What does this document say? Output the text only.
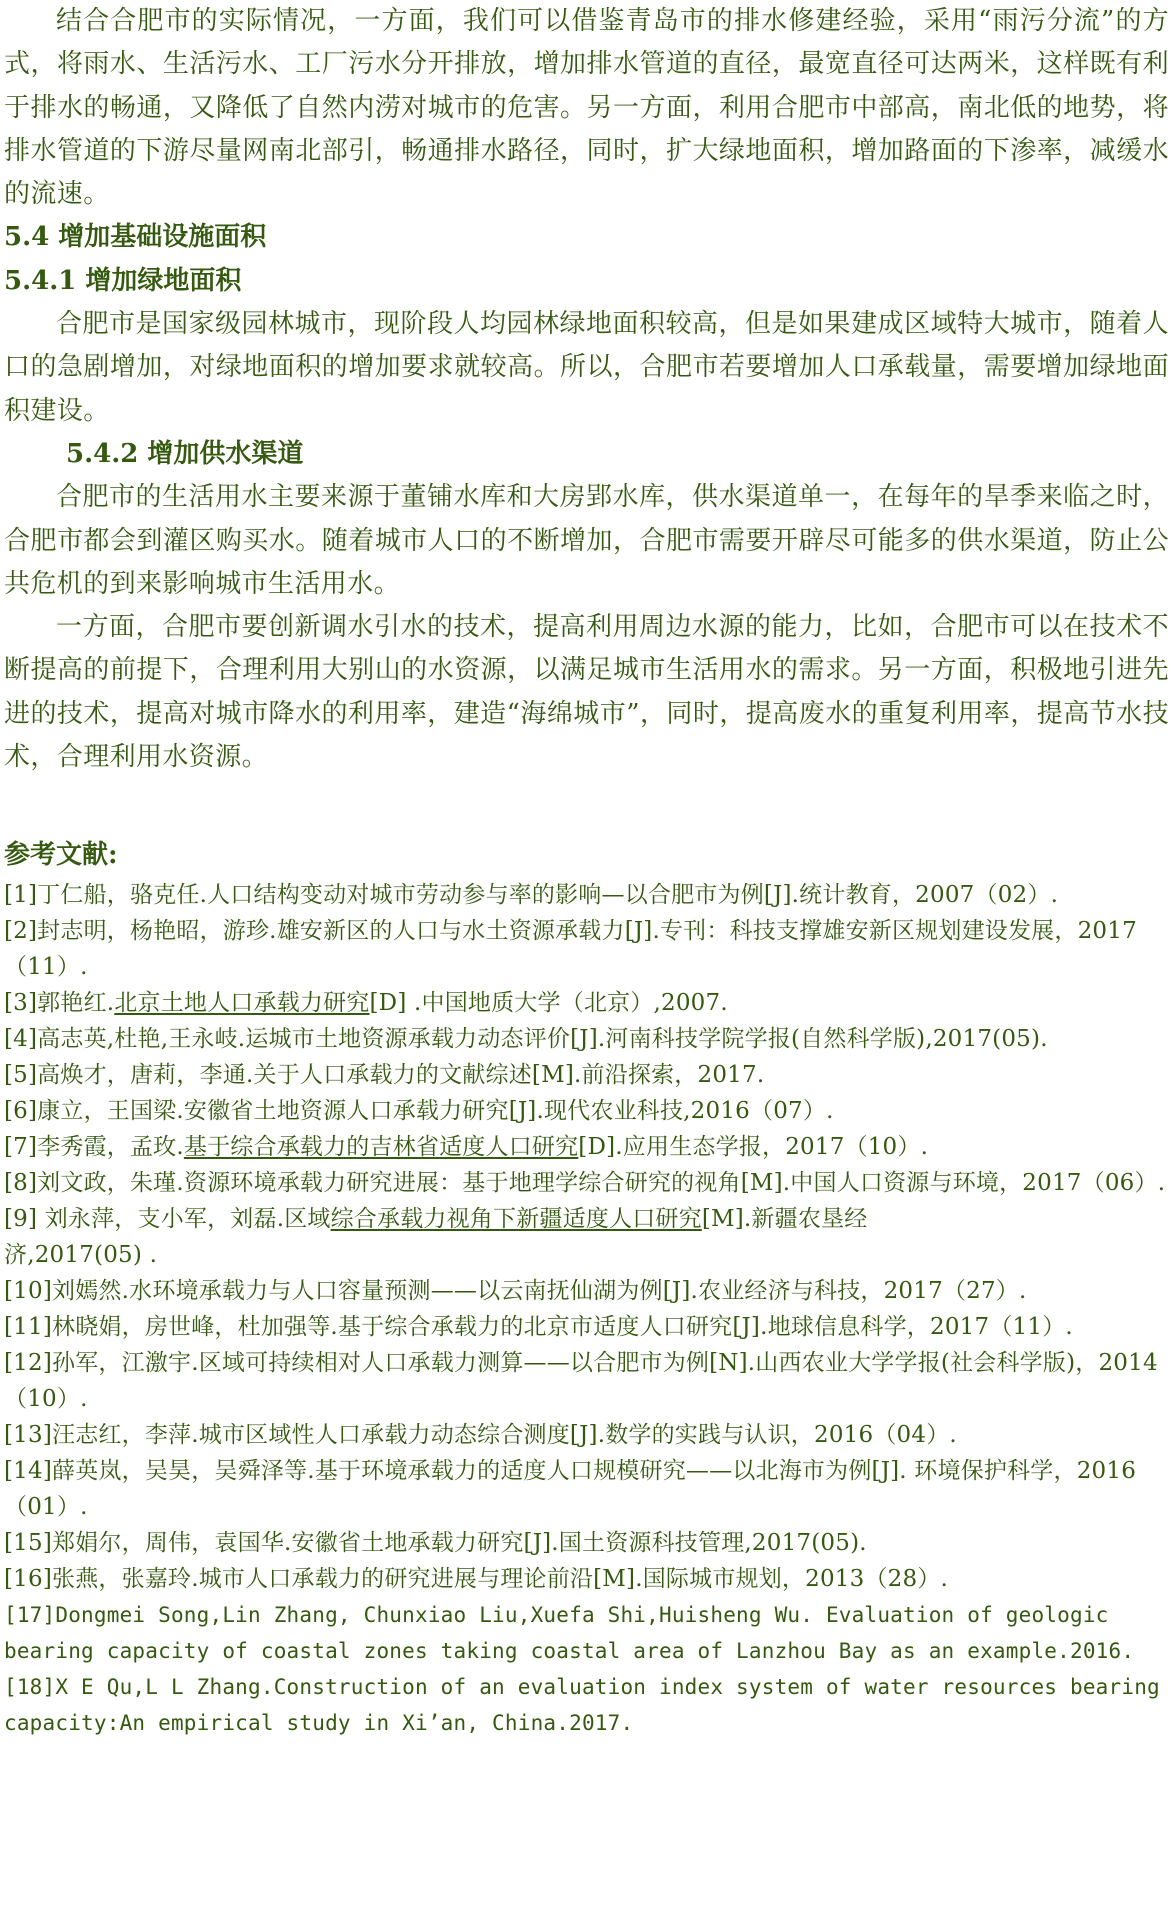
结合合肥市的实际情况，一方面，我们可以借鉴青岛市的排水修建经验，采用“雨污分流”的方式，将雨水、生活污水、工厂污水分开排放，增加排水管道的直径，最宽直径可达两米，这样既有利于排水的畅通，又降低了自然内涝对城市的危害。另一方面，利用合肥市中部高，南北低的地势，将排水管道的下游尽量网南北部引，畅通排水路径，同时，扩大绿地面积，增加路面的下渗率，减缓水的流速。

5.4 增加基础设施面积

5.4.1 增加绿地面积

合肥市是国家级园林城市，现阶段人均园林绿地面积较高，但是如果建成区域特大城市，随着人口的急剧增加，对绿地面积的增加要求就较高。所以，合肥市若要增加人口承载量，需要增加绿地面积建设。

5.4.2 增加供水渠道

合肥市的生活用水主要来源于董铺水库和大房郢水库，供水渠道单一，在每年的旱季来临之时，合肥市都会到灌区购买水。随着城市人口的不断增加，合肥市需要开辟尽可能多的供水渠道，防止公共危机的到来影响城市生活用水。

一方面，合肥市要创新调水引水的技术，提高利用周边水源的能力，比如，合肥市可以在技术不断提高的前提下，合理利用大别山的水资源，以满足城市生活用水的需求。另一方面，积极地引进先进的技术，提高对城市降水的利用率，建造“海绵城市”，同时，提高废水的重复利用率，提高节水技术，合理利用水资源。

参考文献:

[1]丁仁船，骆克任.人口结构变动对城市劳动参与率的影响—以合肥市为例[J].统计教育，2007（02）.
[2]封志明，杨艳昭，游珍.雄安新区的人口与水土资源承载力[J].专刊：科技支撑雄安新区规划建设发展，2017（11）.
[3]郭艳红.北京土地人口承载力研究[D] .中国地质大学（北京）,2007.
[4]高志英,杜艳,王永岐.运城市土地资源承载力动态评价[J].河南科技学院学报(自然科学版),2017(05).
[5]高焕才，唐莉，李通.关于人口承载力的文献综述[M].前沿探索，2017.
[6]康立，王国梁.安徽省土地资源人口承载力研究[J].现代农业科技,2016（07）.
[7]李秀霞，孟玫.基于综合承载力的吉林省适度人口研究[D].应用生态学报，2017（10）.
[8]刘文政，朱瑾.资源环境承载力研究进展：基于地理学综合研究的视角[M].中国人口资源与环境，2017（06）.
[9] 刘永萍，支小军，刘磊.区域综合承载力视角下新疆适度人口研究[M].新疆农垦经
济,2017(05) .
[10]刘嫣然.水环境承载力与人口容量预测——以云南抚仙湖为例[J].农业经济与科技，2017（27）.
[11]林晓娟，房世峰，杜加强等.基于综合承载力的北京市适度人口研究[J].地球信息科学，2017（11）.
[12]孙军，江激宇.区域可持续相对人口承载力测算——以合肥市为例[N].山西农业大学学报(社会科学版)，2014（10）.
[13]汪志红，李萍.城市区域性人口承载力动态综合测度[J].数学的实践与认识，2016（04）.
[14]薛英岚，吴昊，吴舜泽等.基于环境承载力的适度人口规模研究——以北海市为例[J]. 环境保护科学，2016（01）.
[15]郑娟尔，周伟，袁国华.安徽省土地承载力研究[J].国土资源科技管理,2017(05).
[16]张燕，张嘉玲.城市人口承载力的研究进展与理论前沿[M].国际城市规划，2013（28）.
[17]Dongmei Song,Lin Zhang, Chunxiao Liu,Xuefa Shi,Huisheng Wu. Evaluation of geologic bearing capacity of coastal zones taking coastal area of Lanzhou Bay as an example.2016.
[18]X E Qu,L L Zhang.Construction of an evaluation index system of water resources bearing capacity:An empirical study in Xi’an, China.2017.
